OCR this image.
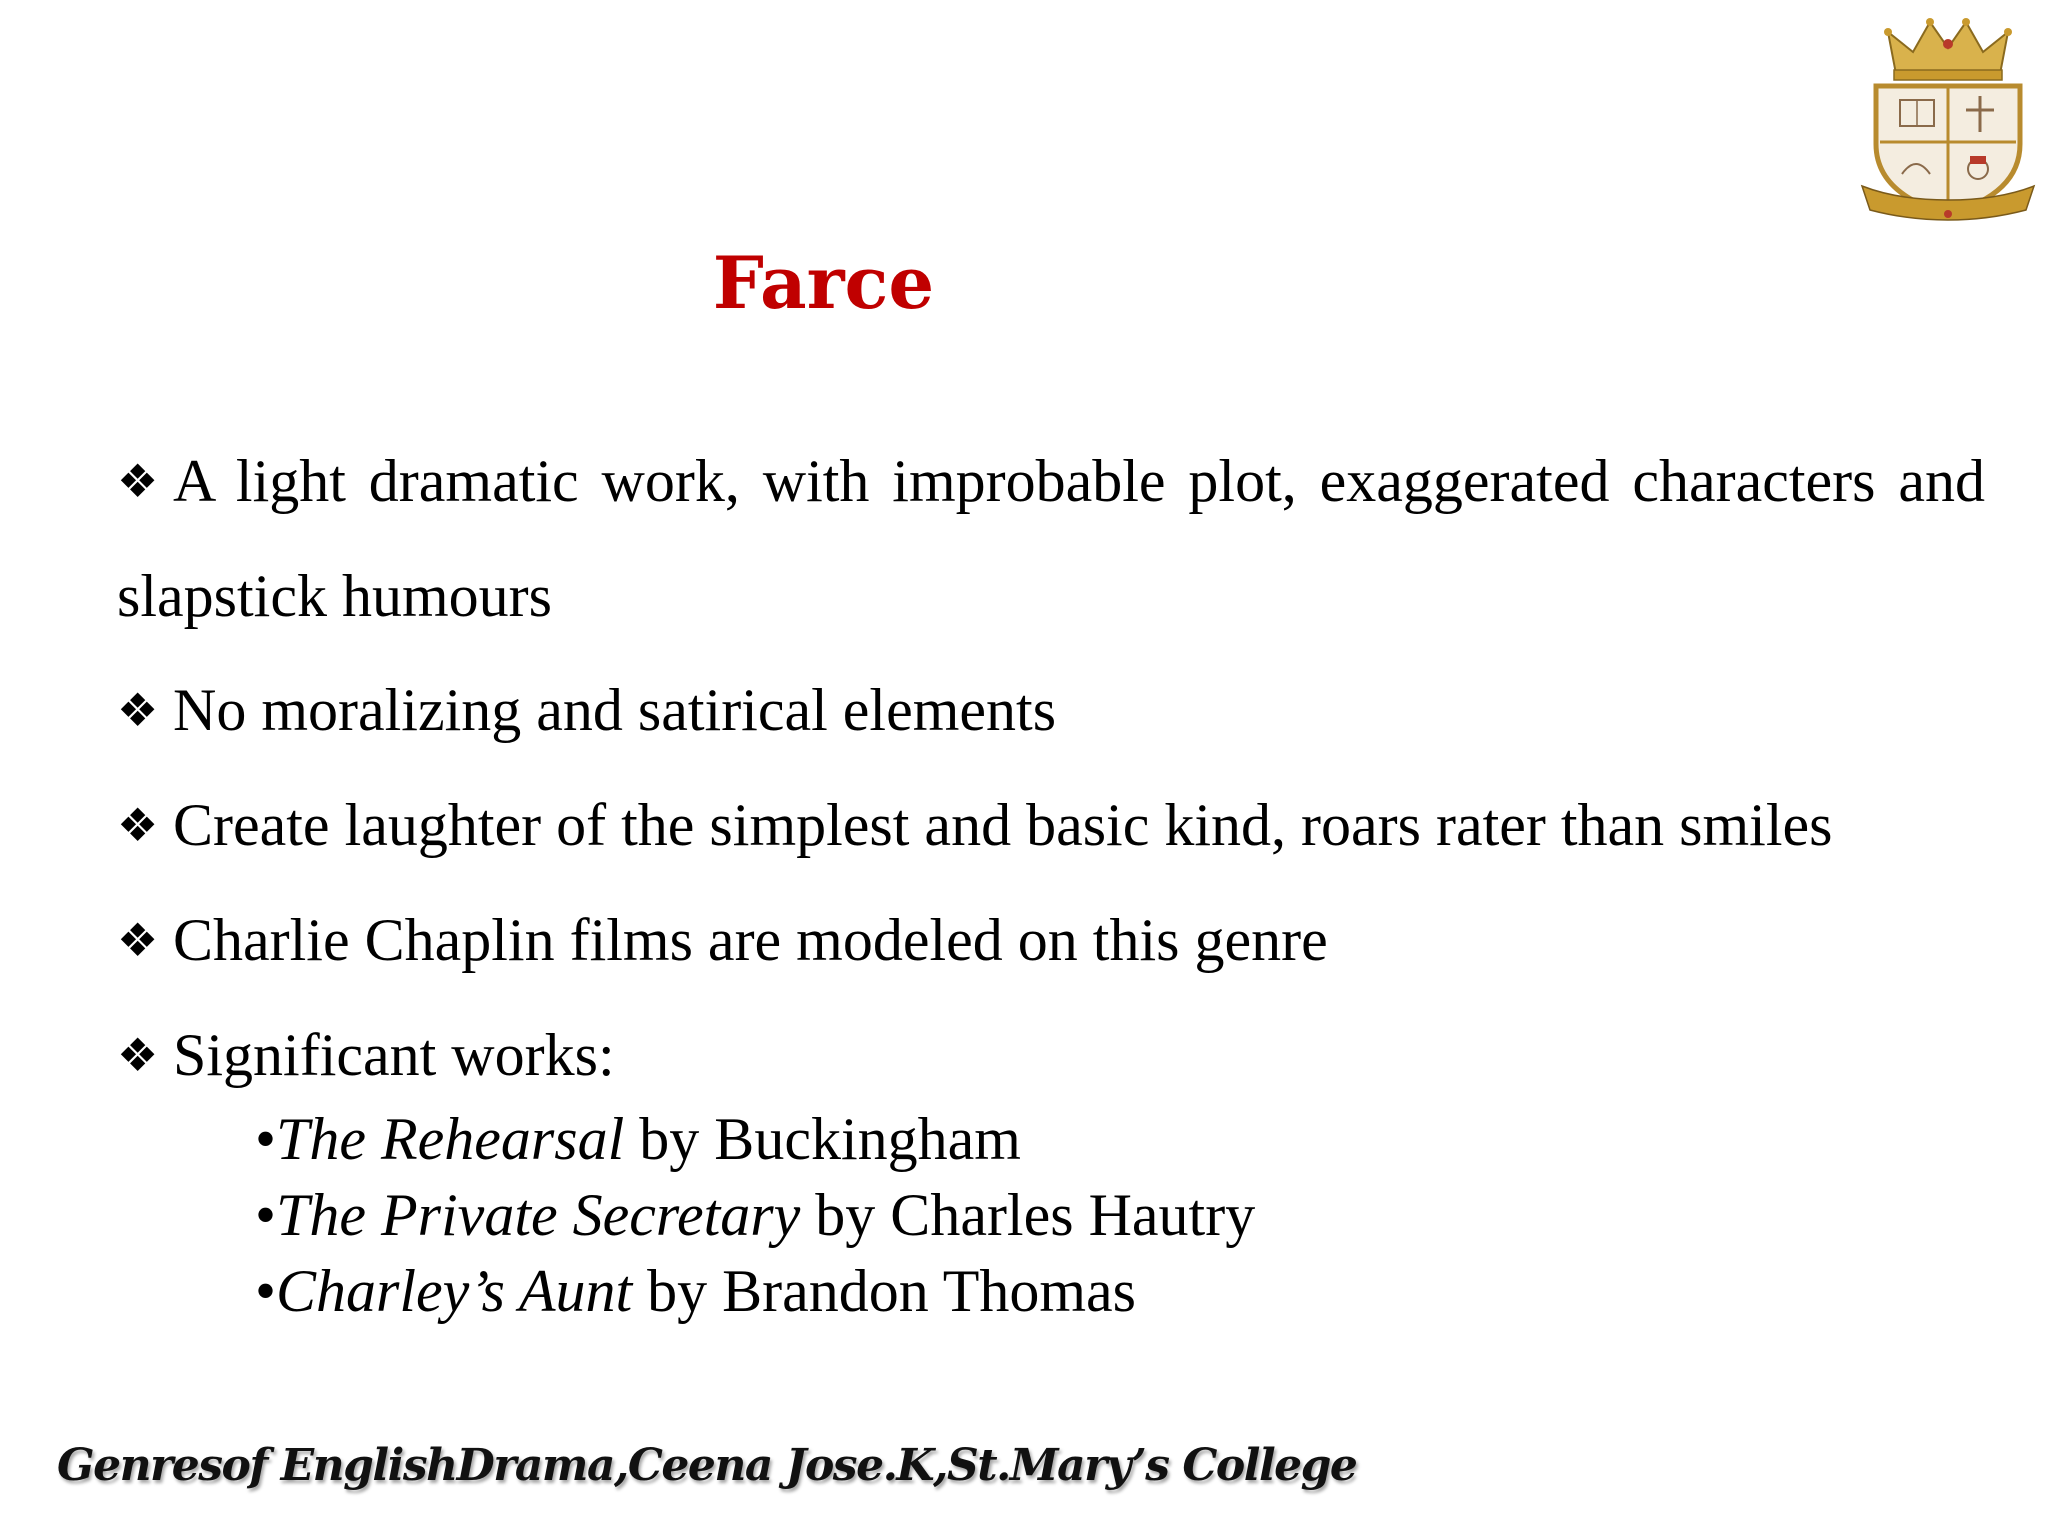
Farce

❖ A light dramatic work, with improbable plot, exaggerated characters and slapstick humours

❖ No moralizing and satirical elements

❖ Create laughter of the simplest and basic kind, roars rater than smiles

❖ Charlie Chaplin films are modeled on this genre

❖ Significant works:

•The Rehearsal by Buckingham
•The Private Secretary by Charles Hautry
•Charley’s Aunt by Brandon Thomas
Genresof EnglishDrama,Ceena Jose.K,St.Mary’s College
